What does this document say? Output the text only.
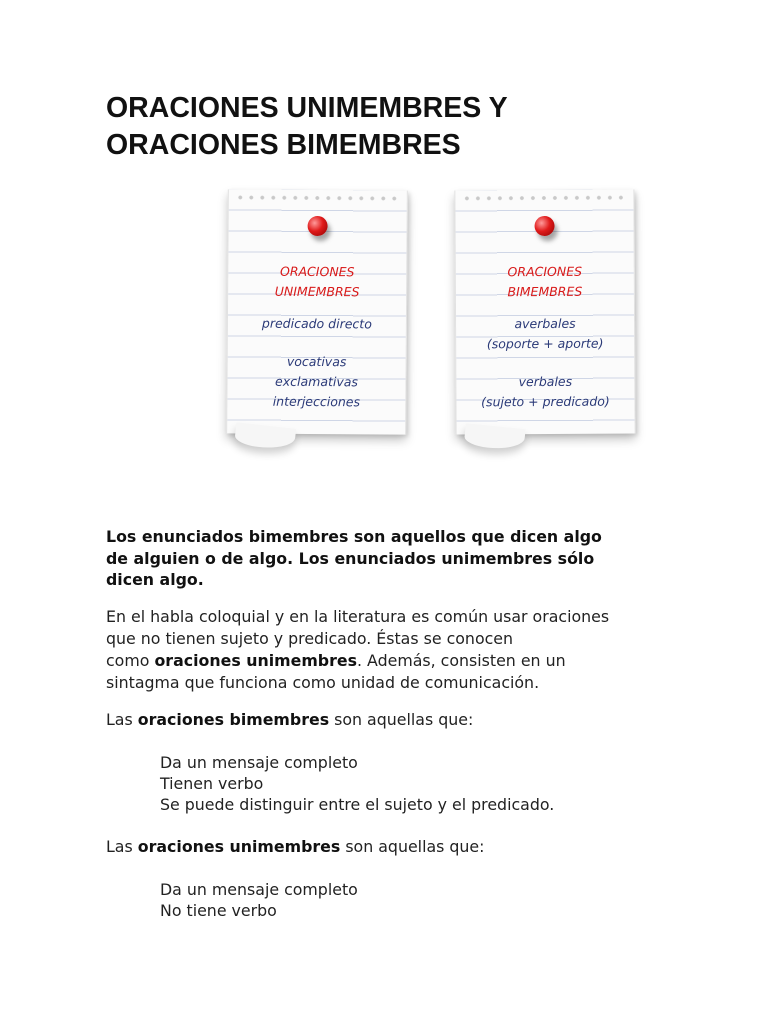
ORACIONES UNIMEMBRES Y
ORACIONES BIMEMBRES

ORACIONES

UNIMEMBRES

predicado directo

vocativas

exclamativas

interjecciones

ORACIONES

BIMEMBRES

averbales

(soporte + aporte)

verbales

(sujeto + predicado)

Los enunciados bimembres son aquellos que dicen algo
de alguien o de algo. Los enunciados unimembres sólo
dicen algo.

En el habla coloquial y en la literatura es común usar oraciones
que no tienen sujeto y predicado. Éstas se conocen
como oraciones unimembres. Además, consisten en un
sintagma que funciona como unidad de comunicación.

Las oraciones bimembres son aquellas que:

Da un mensaje completo
Tienen verbo
Se puede distinguir entre el sujeto y el predicado.

Las oraciones unimembres son aquellas que:

Da un mensaje completo
No tiene verbo
